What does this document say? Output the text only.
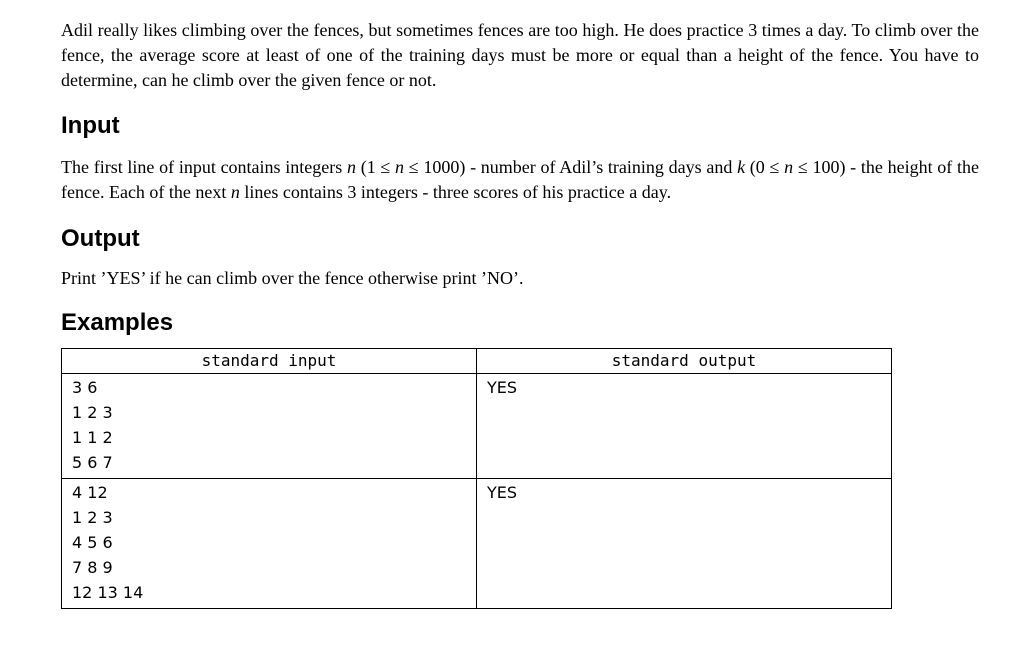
Adil really likes climbing over the fences, but sometimes fences are too high. He does practice 3 times a day. To climb over the fence, the average score at least of one of the training days must be more or equal than a height of the fence. You have to determine, can he climb over the given fence or not.

Input

The first line of input contains integers n (1 ≤ n ≤ 1000) - number of Adil’s training days and k (0 ≤ n ≤ 100) - the height of the fence. Each of the next n lines contains 3 integers - three scores of his practice a day.

Output

Print ’YES’ if he can climb over the fence otherwise print ’NO’.

Examples
standard input	standard output

3 6
1 2 3
1 1 2
5 6 7	YES

4 12
1 2 3
4 5 6
7 8 9
12 13 14	YES
